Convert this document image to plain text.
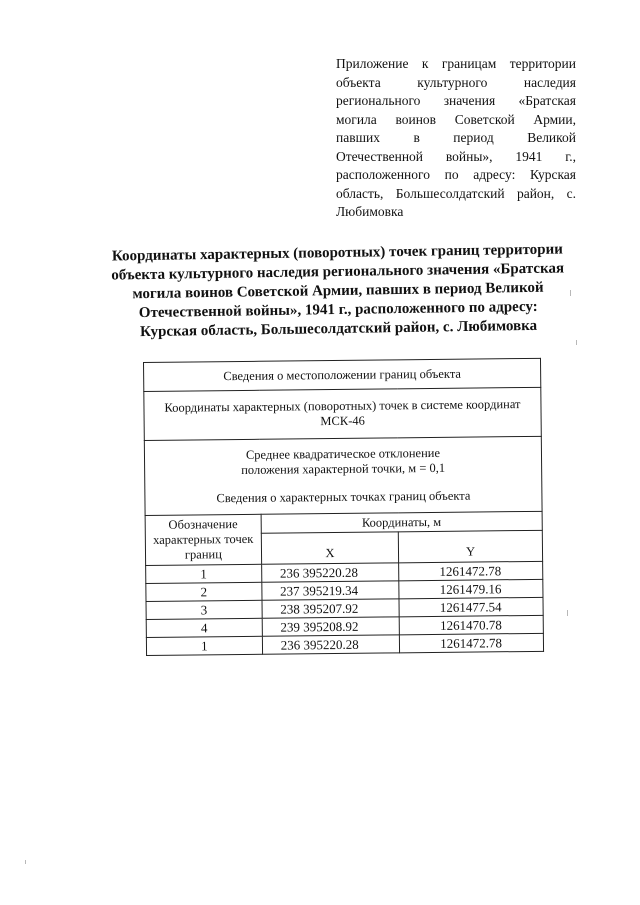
Приложение к границам территории объекта культурного наследия регионального значения «Братская могила воинов Советской Армии, павших в период Великой Отечественной войны», 1941 г., расположенного по адресу: Курская область, Большесолдатский район, с. Любимовка
Координаты характерных (поворотных) точек границ территории
объекта культурного наследия регионального значения «Братская
могила воинов Советской Армии, павших в период Великой
Отечественной войны», 1941 г., расположенного по адресу:
Курская область, Большесолдатский район, с. Любимовка
Сведения о местоположении границ объекта		

Координаты характерных (поворотных) точек в системе координат
МСК-46		

Среднее квадратическое отклонение
положения характерной точки, м = 0,1
Сведения о характерных точках границ объекта		

Обозначение характерных точек границ	Координаты, м	
	X	Y
1	236 395220.28	1261472.78
2	237 395219.34	1261479.16
3	238 395207.92	1261477.54
4	239 395208.92	1261470.78
1	236 395220.28	1261472.78
